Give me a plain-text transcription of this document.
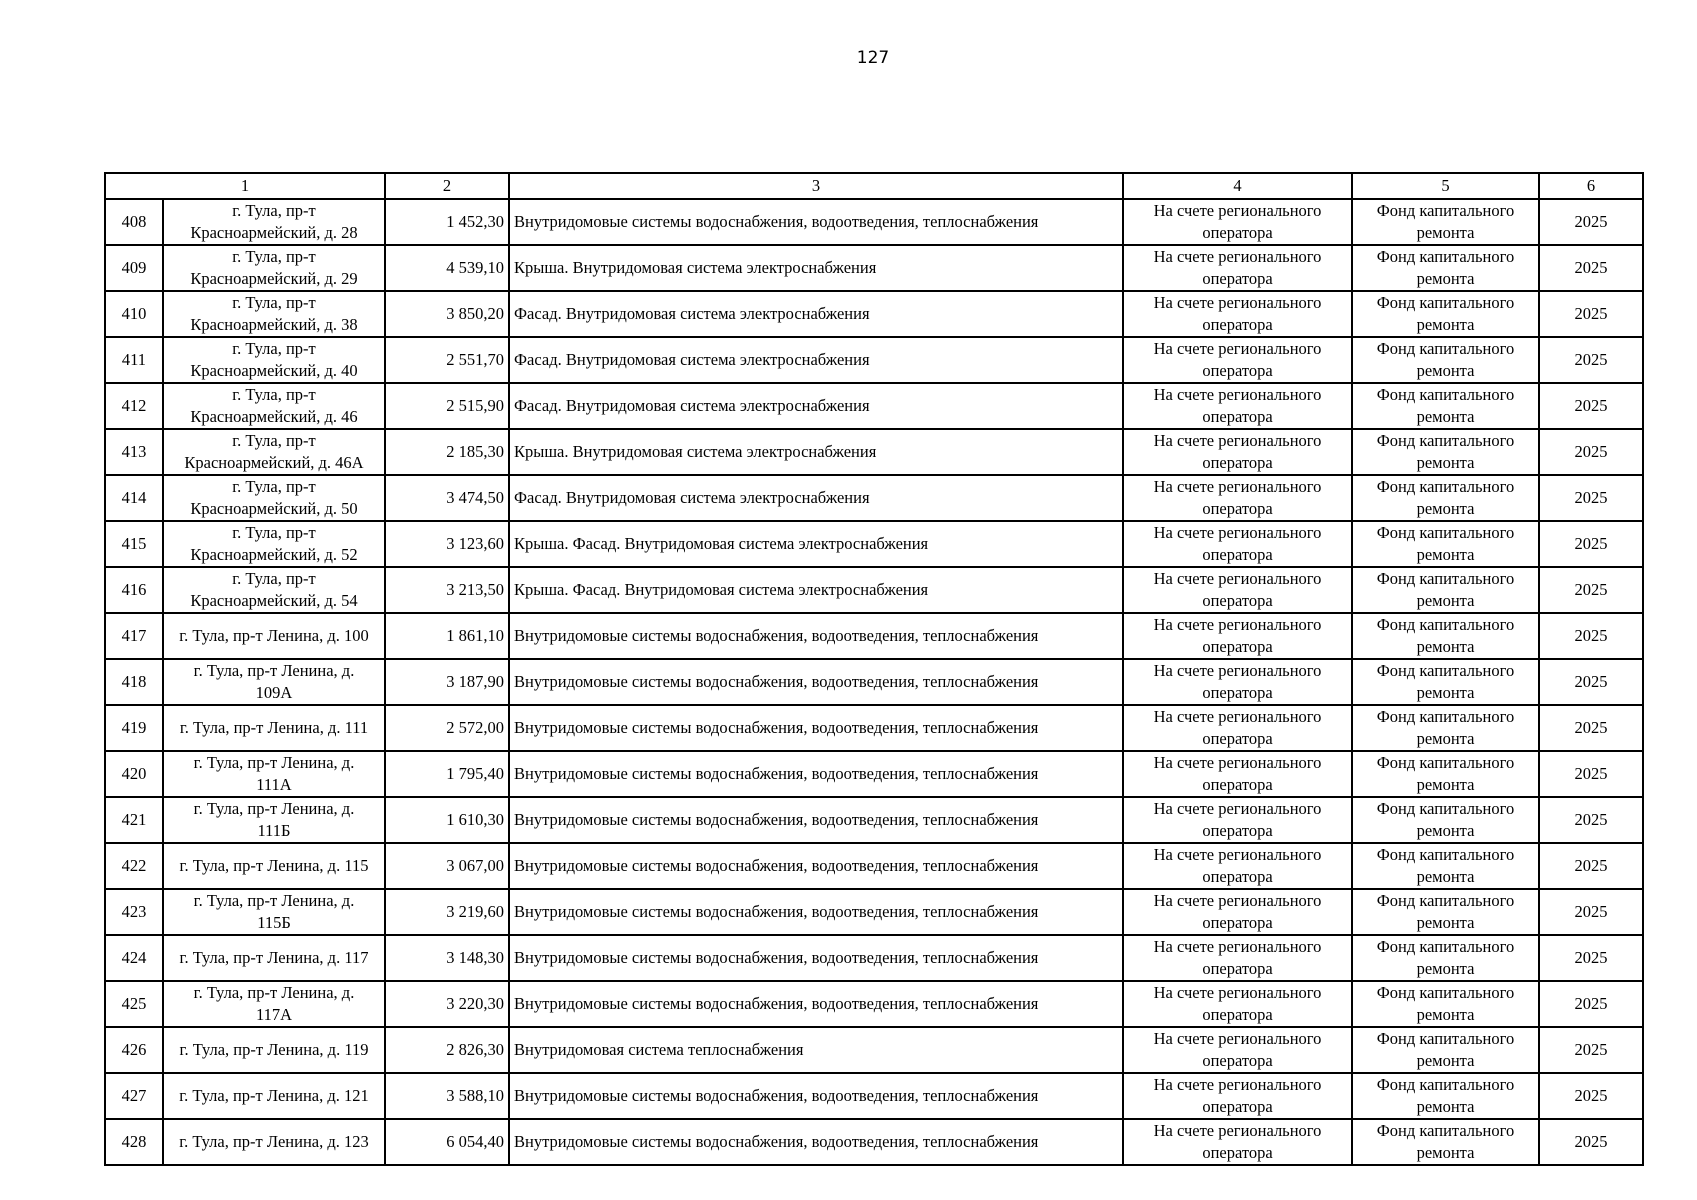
127
1		2	3	4	5	6
408	г. Тула, пр-т
Красноармейский, д. 28	1 452,30	Внутридомовые системы водоснабжения, водоотведения, теплоснабжения	На счете регионального
оператора	Фонд капитального
ремонта	2025
409	г. Тула, пр-т
Красноармейский, д. 29	4 539,10	Крыша. Внутридомовая система электроснабжения	На счете регионального
оператора	Фонд капитального
ремонта	2025
410	г. Тула, пр-т
Красноармейский, д. 38	3 850,20	Фасад. Внутридомовая система электроснабжения	На счете регионального
оператора	Фонд капитального
ремонта	2025
411	г. Тула, пр-т
Красноармейский, д. 40	2 551,70	Фасад. Внутридомовая система электроснабжения	На счете регионального
оператора	Фонд капитального
ремонта	2025
412	г. Тула, пр-т
Красноармейский, д. 46	2 515,90	Фасад. Внутридомовая система электроснабжения	На счете регионального
оператора	Фонд капитального
ремонта	2025
413	г. Тула, пр-т
Красноармейский, д. 46А	2 185,30	Крыша. Внутридомовая система электроснабжения	На счете регионального
оператора	Фонд капитального
ремонта	2025
414	г. Тула, пр-т
Красноармейский, д. 50	3 474,50	Фасад. Внутридомовая система электроснабжения	На счете регионального
оператора	Фонд капитального
ремонта	2025
415	г. Тула, пр-т
Красноармейский, д. 52	3 123,60	Крыша. Фасад. Внутридомовая система электроснабжения	На счете регионального
оператора	Фонд капитального
ремонта	2025
416	г. Тула, пр-т
Красноармейский, д. 54	3 213,50	Крыша. Фасад. Внутридомовая система электроснабжения	На счете регионального
оператора	Фонд капитального
ремонта	2025
417	г. Тула, пр-т Ленина, д. 100	1 861,10	Внутридомовые системы водоснабжения, водоотведения, теплоснабжения	На счете регионального
оператора	Фонд капитального
ремонта	2025
418	г. Тула, пр-т Ленина, д.
109А	3 187,90	Внутридомовые системы водоснабжения, водоотведения, теплоснабжения	На счете регионального
оператора	Фонд капитального
ремонта	2025
419	г. Тула, пр-т Ленина, д. 111	2 572,00	Внутридомовые системы водоснабжения, водоотведения, теплоснабжения	На счете регионального
оператора	Фонд капитального
ремонта	2025
420	г. Тула, пр-т Ленина, д.
111А	1 795,40	Внутридомовые системы водоснабжения, водоотведения, теплоснабжения	На счете регионального
оператора	Фонд капитального
ремонта	2025
421	г. Тула, пр-т Ленина, д.
111Б	1 610,30	Внутридомовые системы водоснабжения, водоотведения, теплоснабжения	На счете регионального
оператора	Фонд капитального
ремонта	2025
422	г. Тула, пр-т Ленина, д. 115	3 067,00	Внутридомовые системы водоснабжения, водоотведения, теплоснабжения	На счете регионального
оператора	Фонд капитального
ремонта	2025
423	г. Тула, пр-т Ленина, д.
115Б	3 219,60	Внутридомовые системы водоснабжения, водоотведения, теплоснабжения	На счете регионального
оператора	Фонд капитального
ремонта	2025
424	г. Тула, пр-т Ленина, д. 117	3 148,30	Внутридомовые системы водоснабжения, водоотведения, теплоснабжения	На счете регионального
оператора	Фонд капитального
ремонта	2025
425	г. Тула, пр-т Ленина, д.
117А	3 220,30	Внутридомовые системы водоснабжения, водоотведения, теплоснабжения	На счете регионального
оператора	Фонд капитального
ремонта	2025
426	г. Тула, пр-т Ленина, д. 119	2 826,30	Внутридомовая система теплоснабжения	На счете регионального
оператора	Фонд капитального
ремонта	2025
427	г. Тула, пр-т Ленина, д. 121	3 588,10	Внутридомовые системы водоснабжения, водоотведения, теплоснабжения	На счете регионального
оператора	Фонд капитального
ремонта	2025
428	г. Тула, пр-т Ленина, д. 123	6 054,40	Внутридомовые системы водоснабжения, водоотведения, теплоснабжения	На счете регионального
оператора	Фонд капитального
ремонта	2025
